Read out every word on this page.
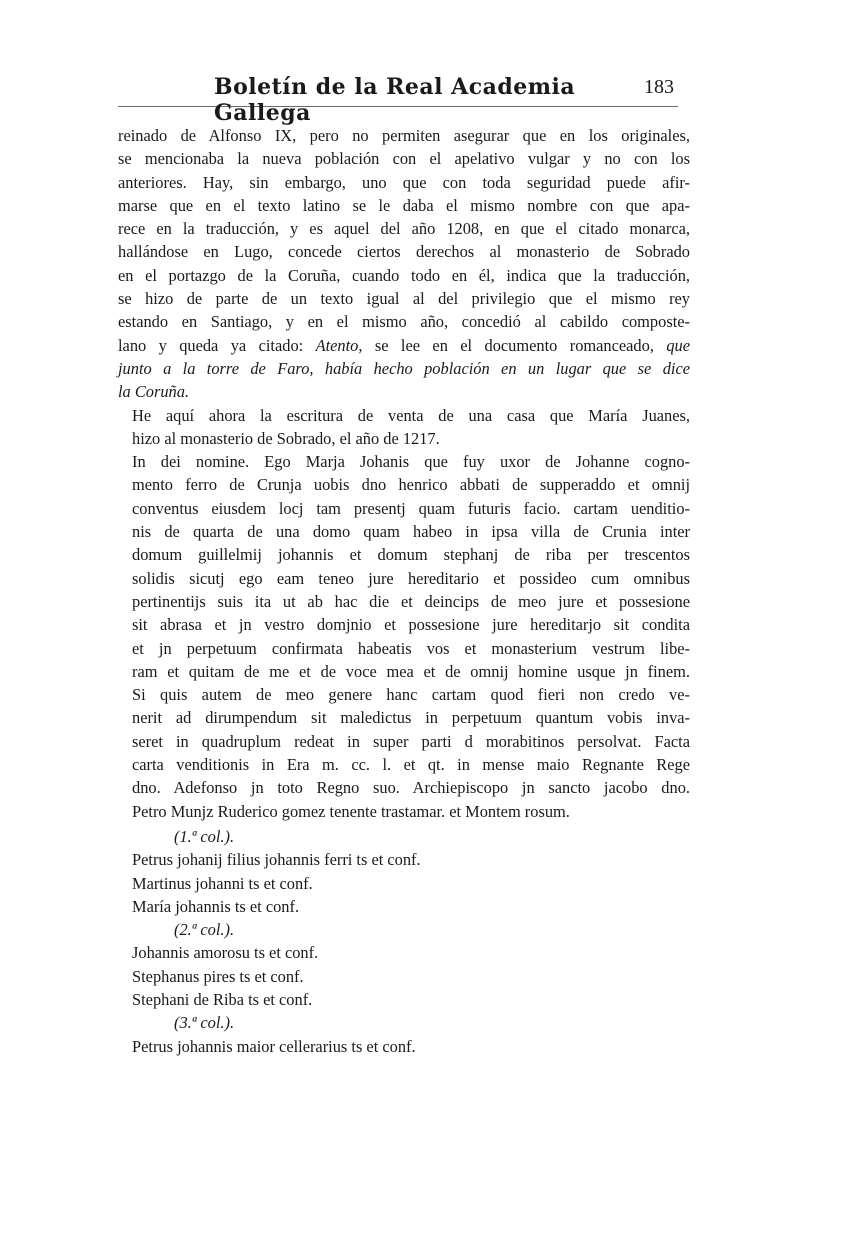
Boletín de la Real Academia Gallega
183

reinado de Alfonso IX, pero no permiten asegurar que en los originales,
se mencionaba la nueva población con el apelativo vulgar y no con los
anteriores. Hay, sin embargo, uno que con toda seguridad puede afir-
marse que en el texto latino se le daba el mismo nombre con que apa-
rece en la traducción, y es aquel del año 1208, en que el citado monarca,
hallándose en Lugo, concede ciertos derechos al monasterio de Sobrado
en el portazgo de la Coruña, cuando todo en él, indica que la traducción,
se hizo de parte de un texto igual al del privilegio que el mismo rey
estando en Santiago, y en el mismo año, concedió al cabildo composte-
lano y queda ya citado: Atento, se lee en el documento romanceado, que
junto a la torre de Faro, había hecho población en un lugar que se dice
la Coruña.

He aquí ahora la escritura de venta de una casa que María Juanes,
hizo al monasterio de Sobrado, el año de 1217.

In dei nomine. Ego Marja Johanis que fuy uxor de Johanne cogno-
mento ferro de Crunja uobis dno henrico abbati de supperaddo et omnij
conventus eiusdem locj tam presentj quam futuris facio. cartam uenditio-
nis de quarta de una domo quam habeo in ipsa villa de Crunia inter
domum guillelmij johannis et domum stephanj de riba per trescentos
solidis sicutj ego eam teneo jure hereditario et possideo cum omnibus
pertinentijs suis ita ut ab hac die et deincips de meo jure et possesione
sit abrasa et jn vestro domjnio et possesione jure hereditarjo sit condita
et jn perpetuum confirmata habeatis vos et monasterium vestrum libe-
ram et quitam de me et de voce mea et de omnij homine usque jn finem.
Si quis autem de meo genere hanc cartam quod fieri non credo ve-
nerit ad dirumpendum sit maledictus in perpetuum quantum vobis inva-
seret in quadruplum redeat in super parti d morabitinos persolvat. Facta
carta venditionis in Era m. cc. l. et qt. in mense maio Regnante Rege
dno. Adefonso jn toto Regno suo. Archiepiscopo jn sancto jacobo dno.
Petro Munjz Ruderico gomez tenente trastamar. et Montem rosum.

(1.ª col.).
Petrus johanij filius johannis ferri ts et conf.
Martinus johanni ts et conf.
María johannis ts et conf.
(2.ª col.).
Johannis amorosu ts et conf.
Stephanus pires ts et conf.
Stephani de Riba ts et conf.
(3.ª col.).
Petrus johannis maior cellerarius ts et conf.
